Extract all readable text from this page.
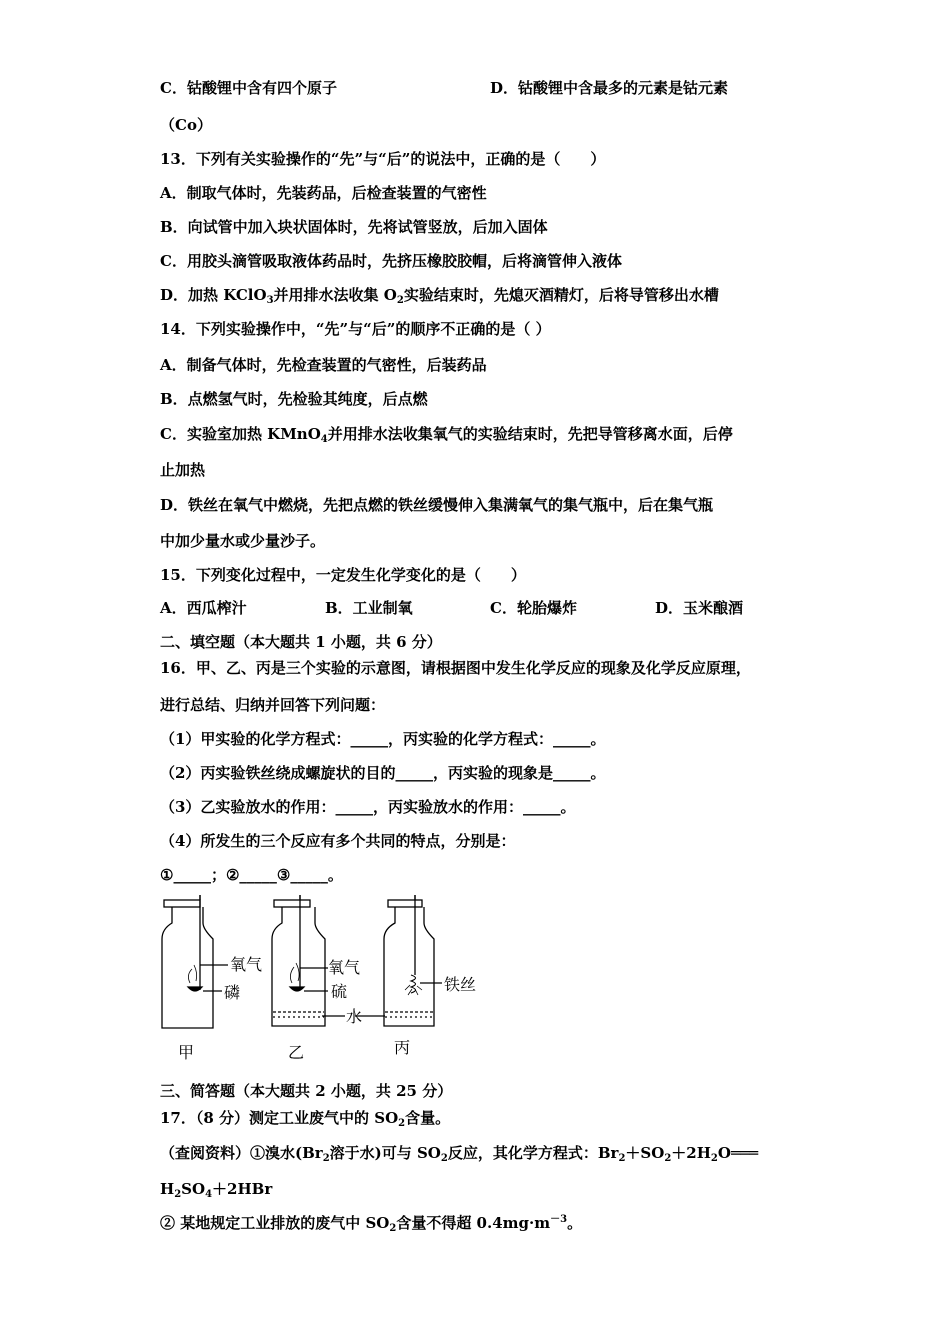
C．钴酸锂中含有四个原子	D．钴酸锂中含最多的元素是钴元素
（Co）
13．下列有关实验操作的“先”与“后”的说法中，正确的是（　　）
A．制取气体时，先装药品，后检查装置的气密性
B．向试管中加入块状固体时，先将试管竖放，后加入固体
C．用胶头滴管吸取液体药品时，先挤压橡胶胶帽，后将滴管伸入液体
D．加热 KClO$_3$并用排水法收集 $O_2$实验结束时，先熄灭酒精灯，后将导管移出水槽
14．下列实验操作中，“先”与“后”的顺序不正确的是（ ）
A．制备气体时，先检查装置的气密性，后装药品
B．点燃氢气时，先检验其纯度，后点燃
C．实验室加热 KMnO$_4$并用排水法收集氧气的实验结束时，先把导管移离水面，后停
止加热
D．铁丝在氧气中燃烧，先把点燃的铁丝缓慢伸入集满氧气的集气瓶中，后在集气瓶
中加少量水或少量沙子。
15．下列变化过程中，一定发生化学变化的是（　　）
A．西瓜榨汁	B．工业制氧	C．轮胎爆炸	D．玉米酿酒
二、填空题（本大题共 1 小题，共 6 分）
16．甲、乙、丙是三个实验的示意图，请根据图中发生化学反应的现象及化学反应原理，
进行总结、归纳并回答下列问题：
（1）甲实验的化学方程式：_____，丙实验的化学方程式：_____。
（2）丙实验铁丝绕成螺旋状的目的_____，丙实验的现象是_____。
（3）乙实验放水的作用：_____，丙实验放水的作用：_____。
（4）所发生的三个反应有多个共同的特点，分别是：
①_____；②_____③_____。
氧气
磷
甲
氧气
硫
水
乙
铁丝
丙
三、简答题（本大题共 2 小题，共 25 分）
17．（8 分）测定工业废气中的 $SO_2$含量。
（查阅资料）①溴水($Br_2$溶于水)可与 $SO_2$反应，其化学方程式：$Br_2+SO_2+2H_2O═══$
$H_2SO_4+2HBr$
② 某地规定工业排放的废气中 $SO_2$含量不得超 $0.4mg\cdot m^{-3}$。
